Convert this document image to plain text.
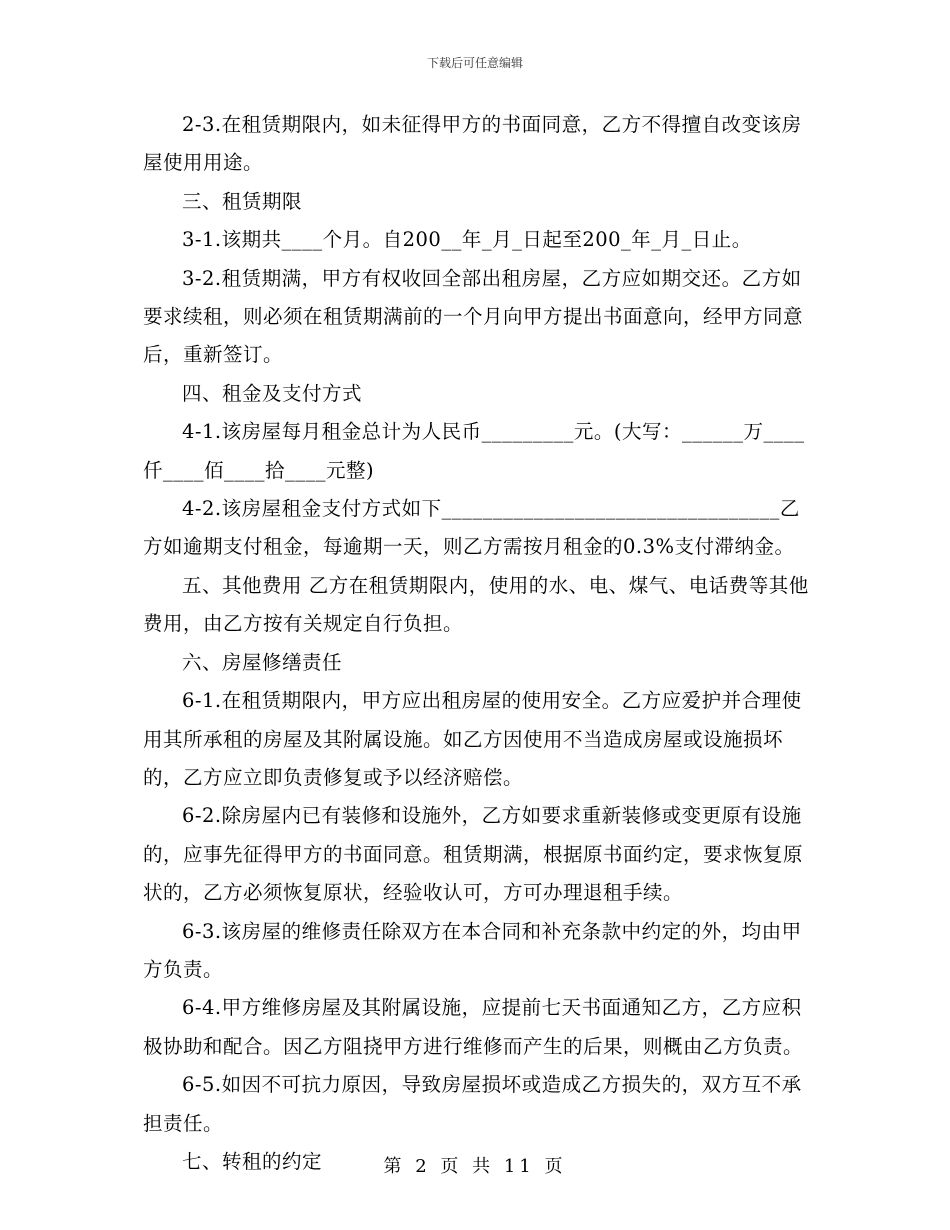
下载后可任意编辑

2-3.在租赁期限内，如未征得甲方的书面同意，乙方不得擅自改变该房屋使用用途。

三、租赁期限

3-1.该期共____个月。自200__年_月_日起至200_年_月_日止。

3-2.租赁期满，甲方有权收回全部出租房屋，乙方应如期交还。乙方如要求续租，则必须在租赁期满前的一个月向甲方提出书面意向，经甲方同意后，重新签订。

四、租金及支付方式

4-1.该房屋每月租金总计为人民币_________元。(大写：______万____仟____佰____拾____元整)

4-2.该房屋租金支付方式如下_________________________________乙方如逾期支付租金，每逾期一天，则乙方需按月租金的0.3%支付滞纳金。

五、其他费用 乙方在租赁期限内，使用的水、电、煤气、电话费等其他费用，由乙方按有关规定自行负担。

六、房屋修缮责任

6-1.在租赁期限内，甲方应出租房屋的使用安全。乙方应爱护并合理使用其所承租的房屋及其附属设施。如乙方因使用不当造成房屋或设施损坏的，乙方应立即负责修复或予以经济赔偿。

6-2.除房屋内已有装修和设施外，乙方如要求重新装修或变更原有设施的，应事先征得甲方的书面同意。租赁期满，根据原书面约定，要求恢复原状的，乙方必须恢复原状，经验收认可，方可办理退租手续。

6-3.该房屋的维修责任除双方在本合同和补充条款中约定的外，均由甲方负责。

6-4.甲方维修房屋及其附属设施，应提前七天书面通知乙方，乙方应积极协助和配合。因乙方阻挠甲方进行维修而产生的后果，则概由乙方负责。

6-5.如因不可抗力原因，导致房屋损坏或造成乙方损失的，双方互不承担责任。

七、转租的约定	第 2 页 共 11 页
